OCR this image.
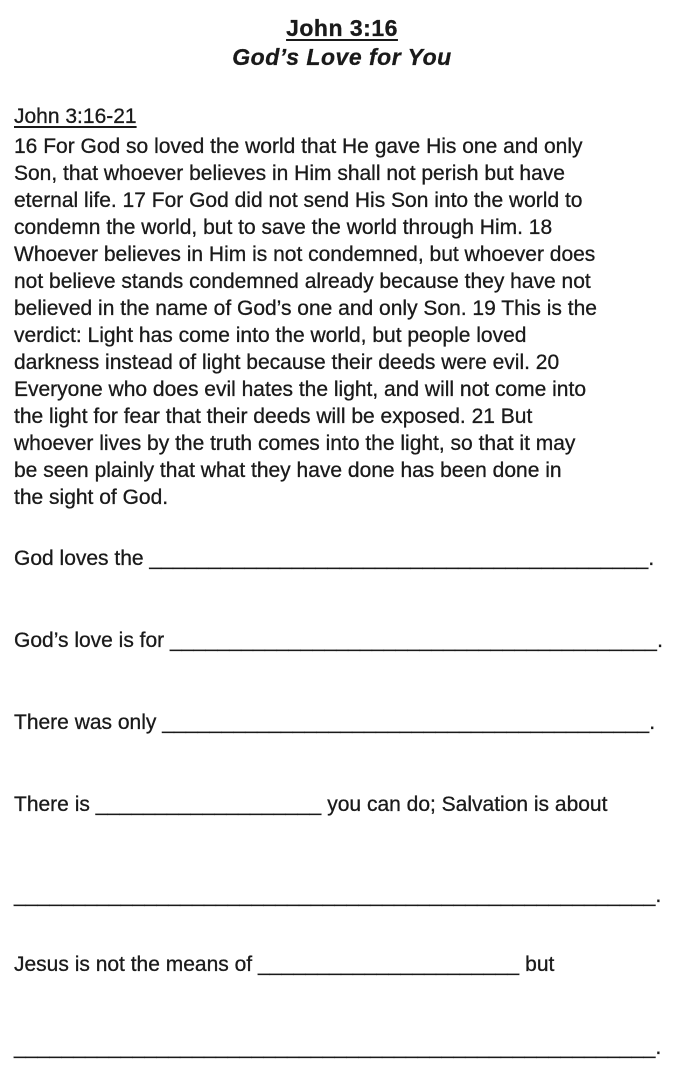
John 3:16
God’s Love for You
John 3:16-21
16 For God so loved the world that He gave His one and only
Son, that whoever believes in Him shall not perish but have
eternal life. 17 For God did not send His Son into the world to
condemn the world, but to save the world through Him. 18
Whoever believes in Him is not condemned, but whoever does
not believe stands condemned already because they have not
believed in the name of God’s one and only Son. 19 This is the
verdict: Light has come into the world, but people loved
darkness instead of light because their deeds were evil. 20
Everyone who does evil hates the light, and will not come into
the light for fear that their deeds will be exposed. 21 But
whoever lives by the truth comes into the light, so that it may
be seen plainly that what they have done has been done in
the sight of God.
God loves the __________________________________________.
God’s love is for _________________________________________.
There was only _________________________________________.
There is ___________________ you can do; Salvation is about
______________________________________________________.
Jesus is not the means of ______________________ but
______________________________________________________.
